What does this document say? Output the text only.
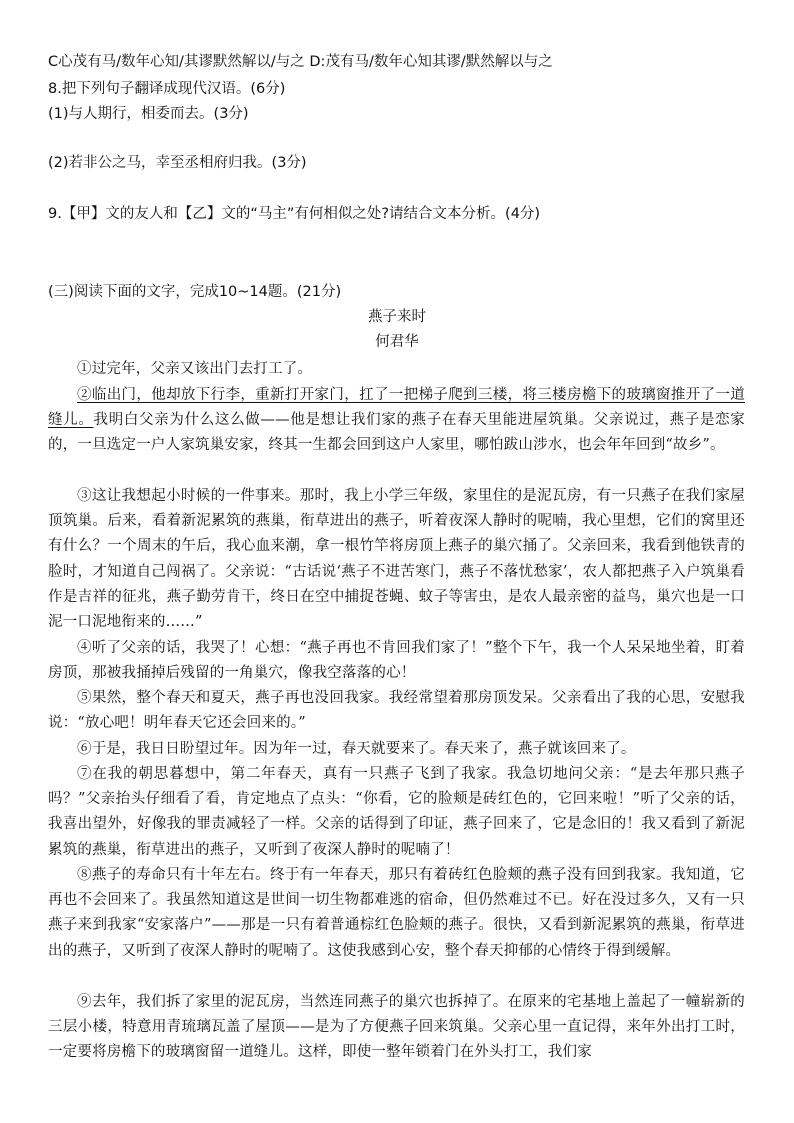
C心茂有马/数年心知/其谬默然解以/与之 D:茂有马/数年心知其谬/默然解以与之
8.把下列句子翻译成现代汉语。(6分)
(1)与人期行，相委而去。(3分)
(2)若非公之马，幸至丞相府归我。(3分)
9.【甲】文的友人和【乙】文的“马主”有何相似之处?请结合文本分析。(4分)
(三)阅读下面的文字，完成10~14题。(21分)
燕子来时
何君华
①过完年，父亲又该出门去打工了。
②临出门，他却放下行李，重新打开家门，扛了一把梯子爬到三楼，将三楼房檐下的玻璃窗推开了一道缝儿。我明白父亲为什么这么做——他是想让我们家的燕子在春天里能进屋筑巢。父亲说过，燕子是恋家的，一旦选定一户人家筑巢安家，终其一生都会回到这户人家里，哪怕跋山涉水，也会年年回到“故乡”。
③这让我想起小时候的一件事来。那时，我上小学三年级，家里住的是泥瓦房，有一只燕子在我们家屋顶筑巢。后来，看着新泥累筑的燕巢，衔草进出的燕子，听着夜深人静时的呢喃，我心里想，它们的窝里还有什么？一个周末的午后，我心血来潮，拿一根竹竿将房顶上燕子的巢穴捅了。父亲回来，我看到他铁青的脸时，才知道自己闯祸了。父亲说：“古话说‘燕子不进苦寒门，燕子不落忧愁家’，农人都把燕子入户筑巢看作是吉祥的征兆，燕子勤劳肯干，终日在空中捕捉苍蝇、蚊子等害虫，是农人最亲密的益鸟，巢穴也是一口泥一口泥地衔来的……”
④听了父亲的话，我哭了！心想：“燕子再也不肯回我们家了！”整个下午，我一个人呆呆地坐着，盯着房顶，那被我捅掉后残留的一角巢穴，像我空落落的心！
⑤果然，整个春天和夏天，燕子再也没回我家。我经常望着那房顶发呆。父亲看出了我的心思，安慰我说：“放心吧！明年春天它还会回来的。”
⑥于是，我日日盼望过年。因为年一过，春天就要来了。春天来了，燕子就该回来了。
⑦在我的朝思暮想中，第二年春天，真有一只燕子飞到了我家。我急切地问父亲：“是去年那只燕子吗？”父亲抬头仔细看了看，肯定地点了点头：“你看，它的脸颊是砖红色的，它回来啦！”听了父亲的话，我喜出望外，好像我的罪责减轻了一样。父亲的话得到了印证，燕子回来了，它是念旧的！我又看到了新泥累筑的燕巢，衔草进出的燕子，又听到了夜深人静时的呢喃了！
⑧燕子的寿命只有十年左右。终于有一年春天，那只有着砖红色脸颊的燕子没有回到我家。我知道，它再也不会回来了。我虽然知道这是世间一切生物都难逃的宿命，但仍然难过不已。好在没过多久，又有一只燕子来到我家“安家落户”——那是一只有着普通棕红色脸颊的燕子。很快，又看到新泥累筑的燕巢，衔草进出的燕子，又听到了夜深人静时的呢喃了。这使我感到心安，整个春天抑郁的心情终于得到缓解。
⑨去年，我们拆了家里的泥瓦房，当然连同燕子的巢穴也拆掉了。在原来的宅基地上盖起了一幢崭新的三层小楼，特意用青琉璃瓦盖了屋顶——是为了方便燕子回来筑巢。父亲心里一直记得，来年外出打工时，一定要将房檐下的玻璃窗留一道缝儿。这样，即使一整年锁着门在外头打工，我们家
